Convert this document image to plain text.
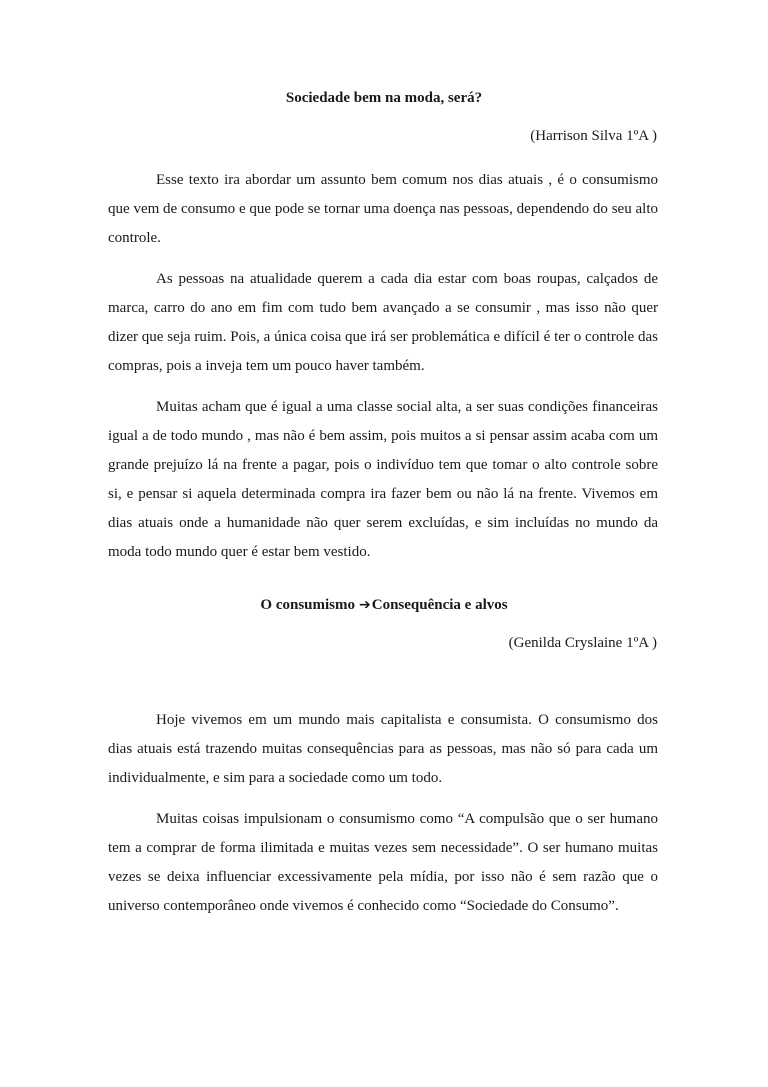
Sociedade bem na moda, será?
(Harrison Silva 1ºA )

Esse texto ira abordar um assunto bem comum nos dias atuais , é o consumismo que vem de consumo e que pode se tornar uma doença nas pessoas, dependendo do seu alto controle.

As pessoas na atualidade querem a cada dia estar com boas roupas, calçados de marca, carro do ano em fim com tudo bem avançado a se consumir , mas isso não quer dizer que seja ruim. Pois, a única coisa que irá ser problemática e difícil é ter o controle das compras, pois a inveja tem um pouco haver também.

Muitas acham que é igual a uma classe social alta, a ser suas condições financeiras igual a de todo mundo , mas não é bem assim, pois muitos a si pensar assim acaba com um grande prejuízo lá na frente a pagar, pois o indivíduo tem que tomar o alto controle sobre si, e pensar si aquela determinada compra ira fazer bem ou não lá na frente. Vivemos em dias atuais onde a humanidade não quer serem excluídas, e sim incluídas no mundo da moda todo mundo quer é estar bem vestido.

O consumismo ➔Consequência e alvos
(Genilda Cryslaine 1ºA )

Hoje vivemos em um mundo mais capitalista e consumista. O consumismo dos dias atuais está trazendo muitas consequências para as pessoas, mas não só para cada um individualmente, e sim para a sociedade como um todo.

Muitas coisas impulsionam o consumismo como “A compulsão que o ser humano tem a comprar de forma ilimitada e muitas vezes sem necessidade”. O ser humano muitas vezes se deixa influenciar excessivamente pela mídia, por isso não é sem razão que o universo contemporâneo onde vivemos é conhecido como “Sociedade do Consumo”.
